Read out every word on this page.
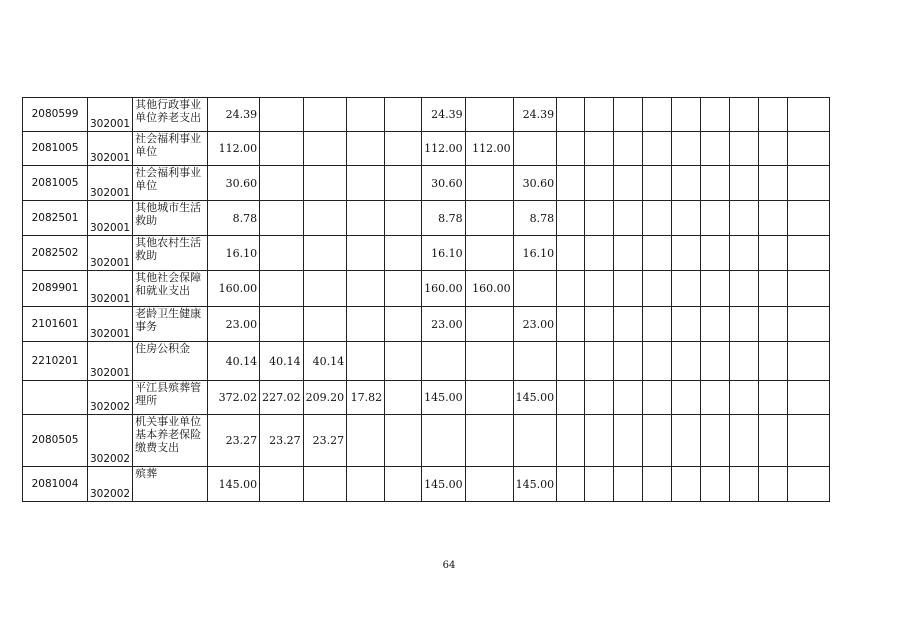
2080599	302001	其他行政事业单位养老支出	24.39					24.39		24.39									
2081005	302001	社会福利事业单位	112.00					112.00	112.00										
2081005	302001	社会福利事业单位	30.60					30.60		30.60									
2082501	302001	其他城市生活救助	8.78					8.78		8.78									
2082502	302001	其他农村生活救助	16.10					16.10		16.10									
2089901	302001	其他社会保障和就业支出	160.00					160.00	160.00										
2101601	302001	老龄卫生健康事务	23.00					23.00		23.00									
2210201	302001	住房公积金	40.14	40.14	40.14														
	302002	平江县殡葬管理所	372.02	227.02	209.20	17.82		145.00		145.00									
2080505	302002	机关事业单位基本养老保险缴费支出	23.27	23.27	23.27														
2081004	302002	殡葬	145.00					145.00		145.00									
64
